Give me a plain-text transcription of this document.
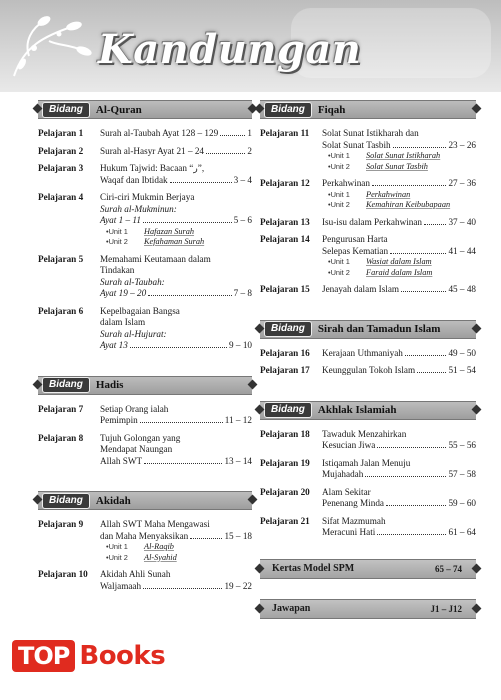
Kandungan
Bidang	Al-Quran
Pelajaran 1	Surah al-Taubah Ayat 128 – 129	1
Pelajaran 2	Surah al-Hasyr Ayat 21 – 24	2
Pelajaran 3	Hukum Tajwid: Bacaan “ﺭ”,
Waqaf dan Ibtidak	3 – 4
Pelajaran 4	Ciri-ciri Mukmin Berjaya
Surah al-Mukminun:
Ayat 1 – 11	5 – 6
• Unit 1	Hafazan Surah
• Unit 2	Kefahaman Surah
Pelajaran 5	Memahami Keutamaan dalam
Tindakan
Surah al-Taubah:
Ayat 19 – 20	7 – 8
Pelajaran 6	Kepelbagaian Bangsa
dalam Islam
Surah al-Hujurat:
Ayat 13	9 – 10
Bidang	Hadis
Pelajaran 7	Setiap Orang ialah
Pemimpin	11 – 12
Pelajaran 8	Tujuh Golongan yang
Mendapat Naungan
Allah SWT	13 – 14
Bidang	Akidah
Pelajaran 9	Allah SWT Maha Mengawasi
dan Maha Menyaksikan	15 – 18
• Unit 1	Al-Raqib
• Unit 2	Al-Syahid
Pelajaran 10	Akidah Ahli Sunah
Waljamaah	19 – 22
Bidang	Fiqah
Pelajaran 11	Solat Sunat Istikharah dan
Solat Sunat Tasbih	23 – 26
• Unit 1	Solat Sunat Istikharah
• Unit 2	Solat Sunat Tasbih
Pelajaran 12	Perkahwinan	27 – 36
• Unit 1	Perkahwinan
• Unit 2	Kemahiran Keibubapaan
Pelajaran 13	Isu-isu dalam Perkahwinan	37 – 40
Pelajaran 14	Pengurusan Harta
Selepas Kematian	41 – 44
• Unit 1	Wasiat dalam Islam
• Unit 2	Faraid dalam Islam
Pelajaran 15	Jenayah dalam Islam	45 – 48
Bidang	Sirah dan Tamadun Islam
Pelajaran 16	Kerajaan Uthmaniyah	49 – 50
Pelajaran 17	Keunggulan Tokoh Islam	51 – 54
Bidang	Akhlak Islamiah
Pelajaran 18	Tawaduk Menzahirkan
Kesucian Jiwa	55 – 56
Pelajaran 19	Istiqamah Jalan Menuju
Mujahadah	57 – 58
Pelajaran 20	Alam Sekitar
Penenang Minda	59 – 60
Pelajaran 21	Sifat Mazmumah
Meracuni Hati	61 – 64
Kertas Model SPM	65 – 74
Jawapan	J1 – J12
TOP Books
